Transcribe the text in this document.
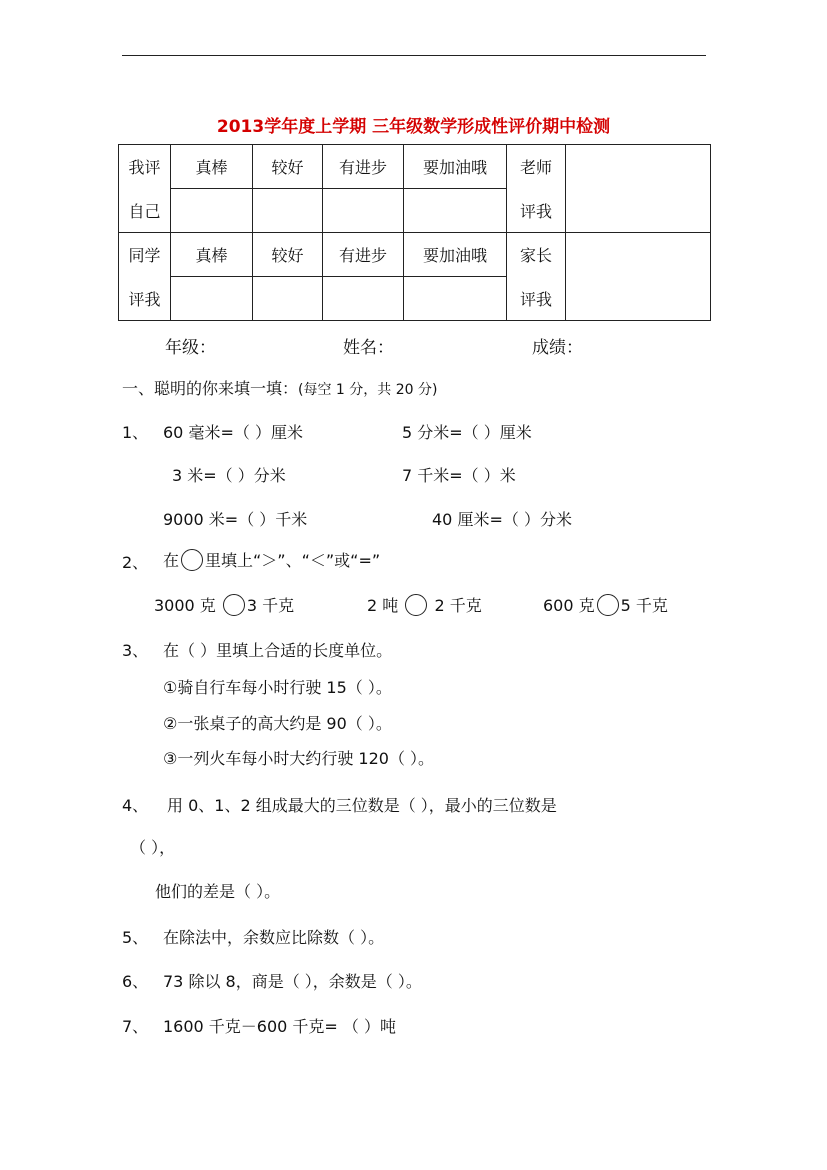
2013学年度上学期 三年级数学形成性评价期中检测
我评	真棒	较好	有进步	要加油哦	老师	
自己					评我	
同学	真棒	较好	有进步	要加油哦	家长	
评我					评我	
年级：	姓名：	成绩：
一、聪明的你来填一填：(每空 1 分，共 20 分)
1、 60 毫米=（ ）厘米	5 分米=（ ）厘米
3 米=（ ）分米	7 千米=（ ）米
9000 米=（ ）千米	40 厘米=（ ）分米
2、 在 里填上“＞”、“＜”或“=”
3000 克 3 千克	2 吨 2 千克	600 克 5 千克
3、 在（ ）里填上合适的长度单位。
①骑自行车每小时行驶 15（ ）。
②一张桌子的高大约是 90（ ）。
③一列火车每小时大约行驶 120（ ）。
4、 用 0、1、2 组成最大的三位数是（ ），最小的三位数是
（ ），
他们的差是（ ）。
5、 在除法中，余数应比除数（ ）。
6、 73 除以 8，商是（ ），余数是（ ）。
7、 1600 千克－600 千克= （ ）吨
